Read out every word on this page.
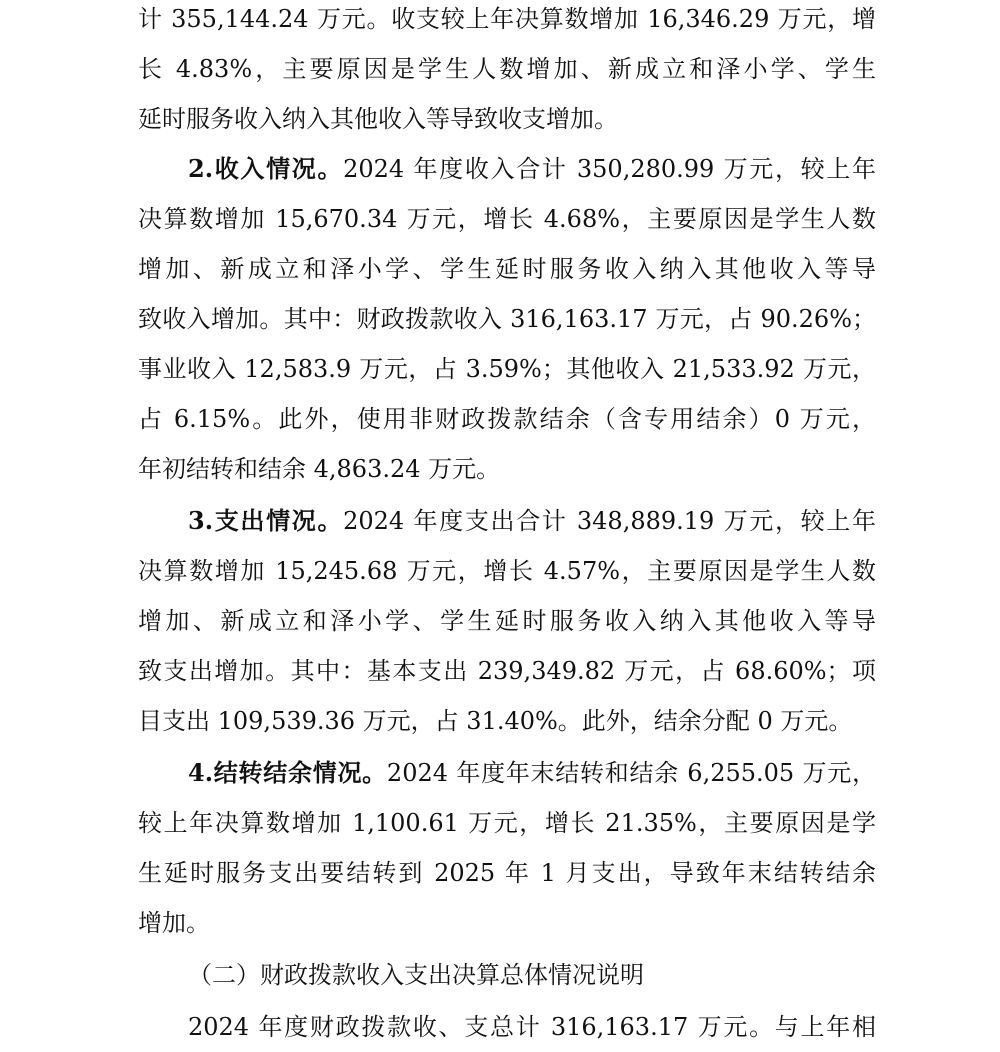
计 355,144.24 万元。收支较上年决算数增加 16,346.29 万元，增
长 4.83%，主要原因是学生人数增加、新成立和泽小学、学生
延时服务收入纳入其他收入等导致收支增加。
2.收入情况。2024 年度收入合计 350,280.99 万元，较上年
决算数增加 15,670.34 万元，增长 4.68%，主要原因是学生人数
增加、新成立和泽小学、学生延时服务收入纳入其他收入等导
致收入增加。其中：财政拨款收入 316,163.17 万元，占 90.26%；
事业收入 12,583.9 万元，占 3.59%；其他收入 21,533.92 万元，
占 6.15%。此外，使用非财政拨款结余（含专用结余）0 万元，
年初结转和结余 4,863.24 万元。
3.支出情况。2024 年度支出合计 348,889.19 万元，较上年
决算数增加 15,245.68 万元，增长 4.57%，主要原因是学生人数
增加、新成立和泽小学、学生延时服务收入纳入其他收入等导
致支出增加。其中：基本支出 239,349.82 万元，占 68.60%；项
目支出 109,539.36 万元，占 31.40%。此外，结余分配 0 万元。
4.结转结余情况。2024 年度年末结转和结余 6,255.05 万元，
较上年决算数增加 1,100.61 万元，增长 21.35%，主要原因是学
生延时服务支出要结转到 2025 年 1 月支出，导致年末结转结余
增加。
（二）财政拨款收入支出决算总体情况说明
2024 年度财政拨款收、支总计 316,163.17 万元。与上年相
